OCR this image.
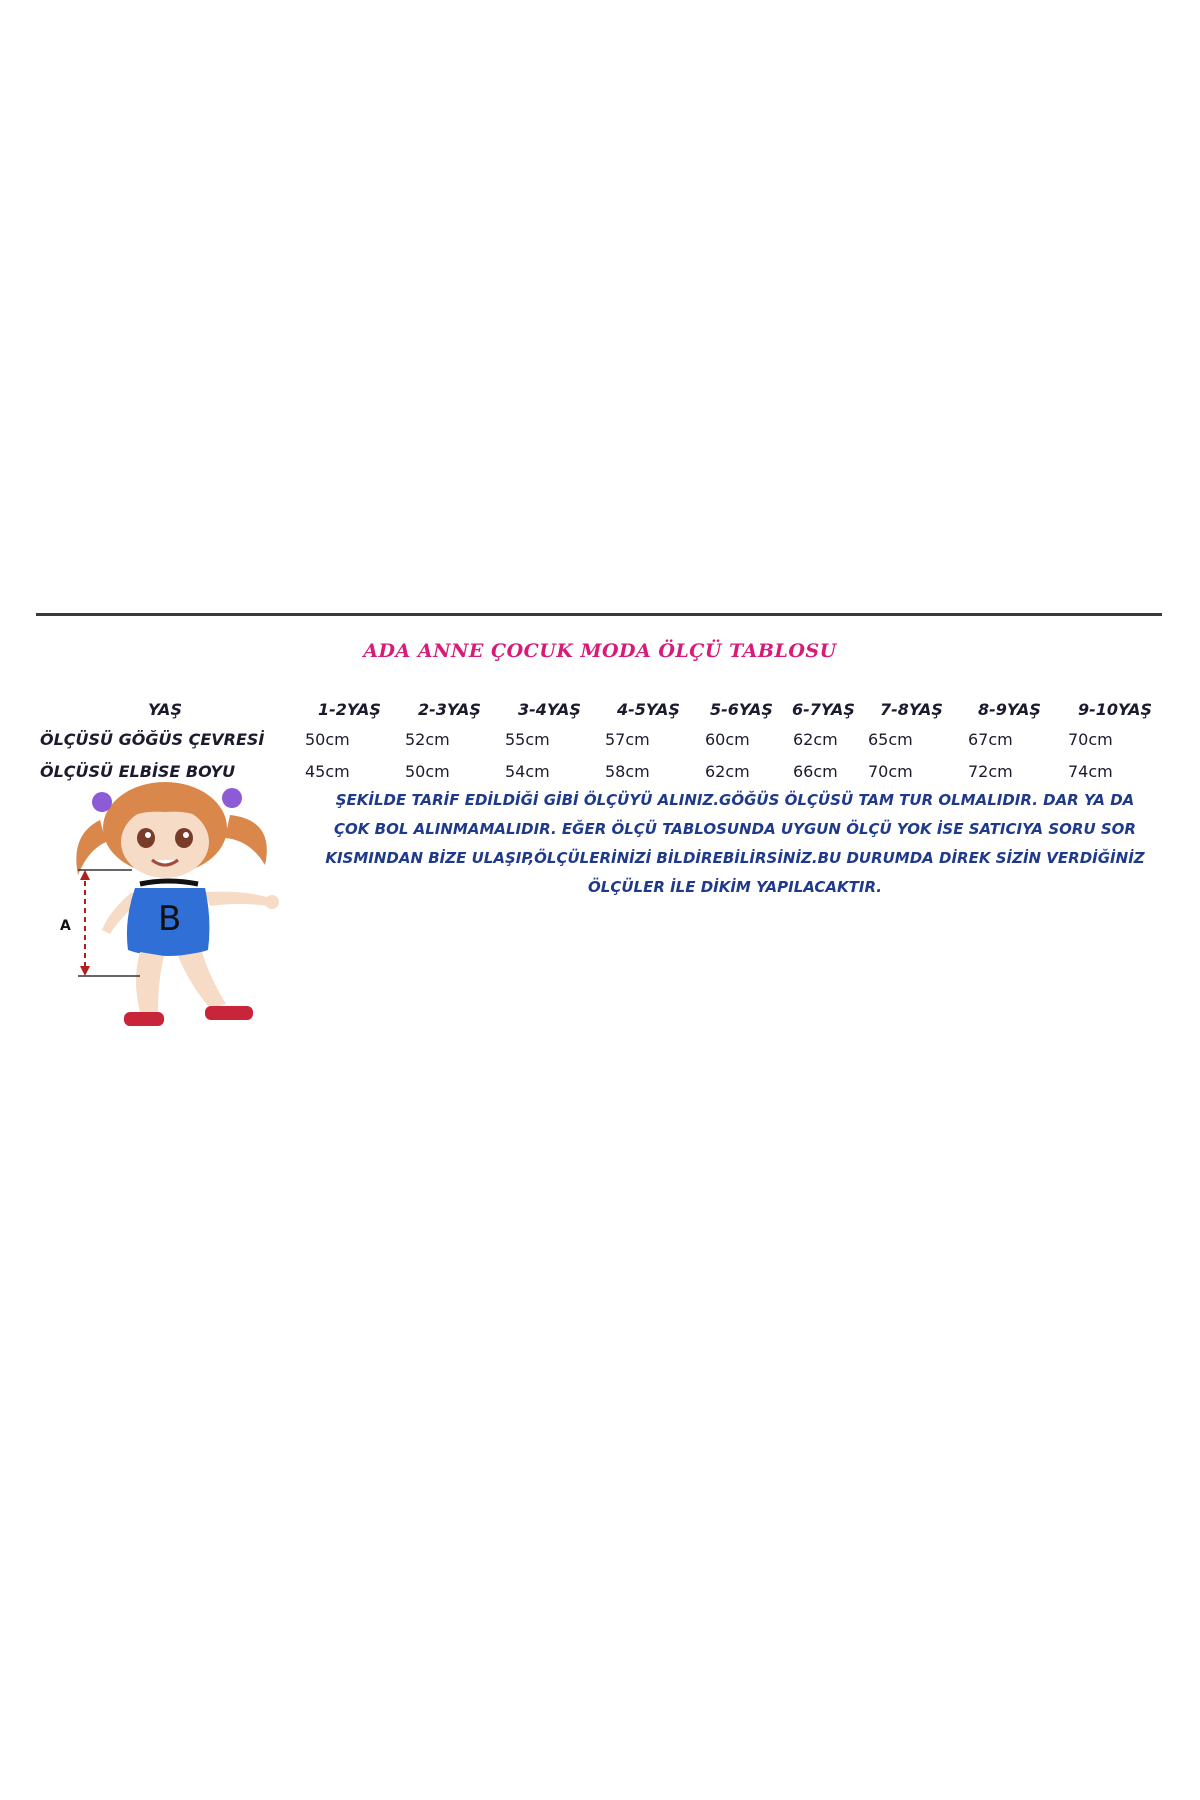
ADA ANNE ÇOCUK MODA ÖLÇÜ TABLOSU
YAŞ	1-2YAŞ 2-3YAŞ 3-4YAŞ 4-5YAŞ 5-6YAŞ 6-7YAŞ 7-8YAŞ 8-9YAŞ 9-10YAŞ
ÖLÇÜSÜ GÖĞÜS ÇEVRESİ	50cm	52cm	55cm	57cm	60cm	62cm 65cm	67cm	70cm
ÖLÇÜSÜ ELBİSE BOYU	45cm	50cm	54cm	58cm	62cm	66cm 70cm	72cm	74cm
ŞEKİLDE TARİF EDİLDİĞİ GİBİ ÖLÇÜYÜ ALINIZ.GÖĞÜS ÖLÇÜSÜ TAM TUR OLMALIDIR. DAR YA DA
ÇOK BOL ALINMAMALIDIR. EĞER ÖLÇÜ TABLOSUNDA UYGUN ÖLÇÜ YOK İSE SATICIYA SORU SOR
KISMINDAN BİZE ULAŞIP,ÖLÇÜLERİNİZİ BİLDİREBİLİRSİNİZ.BU DURUMDA DİREK SİZİN VERDİĞİNİZ
ÖLÇÜLER İLE DİKİM YAPILACAKTIR.
B
A
